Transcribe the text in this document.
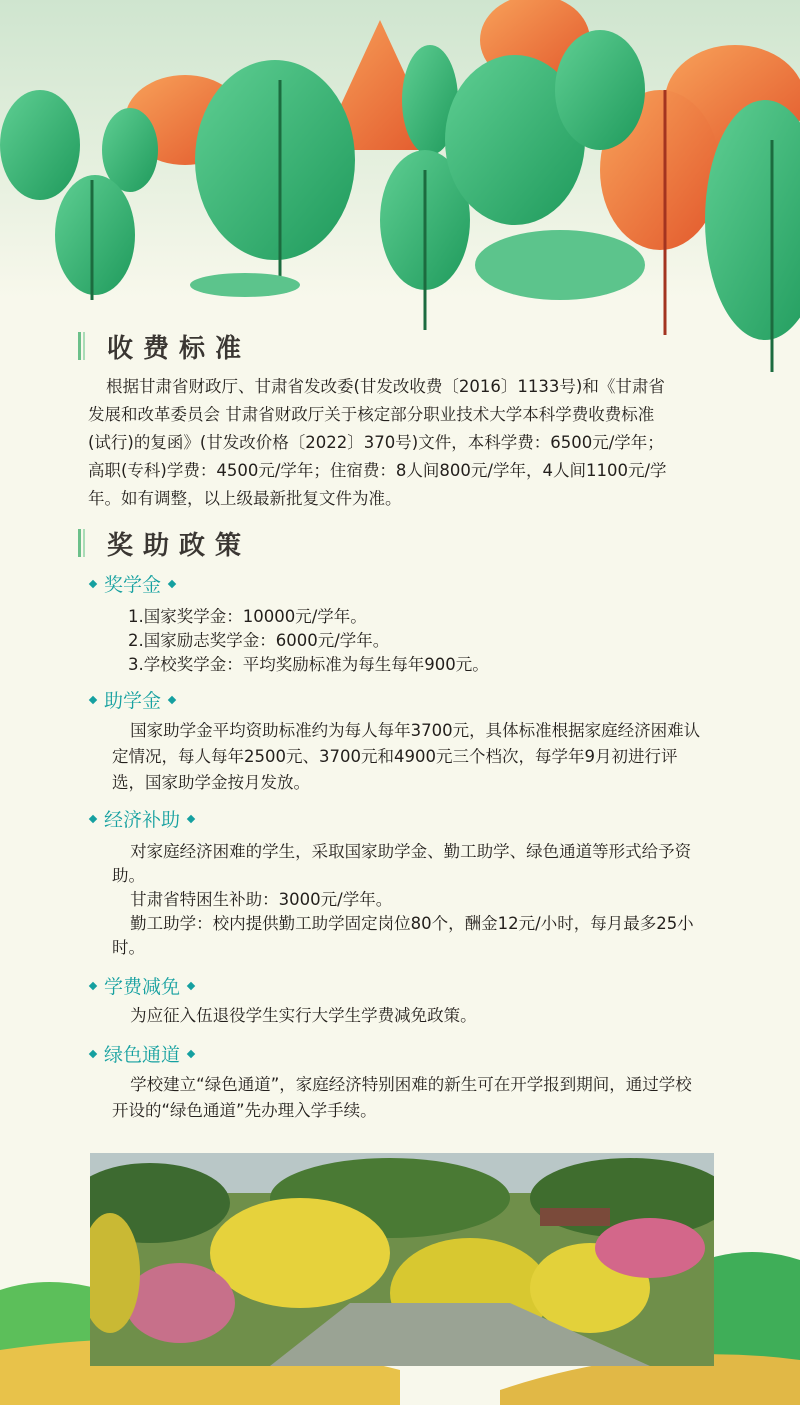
收费标准
根据甘肃省财政厅、甘肃省发改委(甘发改收费〔2016〕1133号)和《甘肃省
发展和改革委员会 甘肃省财政厅关于核定部分职业技术大学本科学费收费标准
(试行)的复函》(甘发改价格〔2022〕370号)文件，本科学费：6500元/学年；
高职(专科)学费：4500元/学年；住宿费：8人间800元/学年，4人间1100元/学
年。如有调整，以上级最新批复文件为准。
奖助政策
奖学金
1.国家奖学金：10000元/学年。
2.国家励志奖学金：6000元/学年。
3.学校奖学金：平均奖励标准为每生每年900元。
助学金
国家助学金平均资助标准约为每人每年3700元，具体标准根据家庭经济困难认定情况，每人每年2500元、3700元和4900元三个档次，每学年9月初进行评选，国家助学金按月发放。
经济补助
对家庭经济困难的学生，采取国家助学金、勤工助学、绿色通道等形式给予资助。
甘肃省特困生补助：3000元/学年。
勤工助学：校内提供勤工助学固定岗位80个，酬金12元/小时，每月最多25小时。
学费减免
为应征入伍退役学生实行大学生学费减免政策。
绿色通道
学校建立“绿色通道”，家庭经济特别困难的新生可在开学报到期间，通过学校开设的“绿色通道”先办理入学手续。
